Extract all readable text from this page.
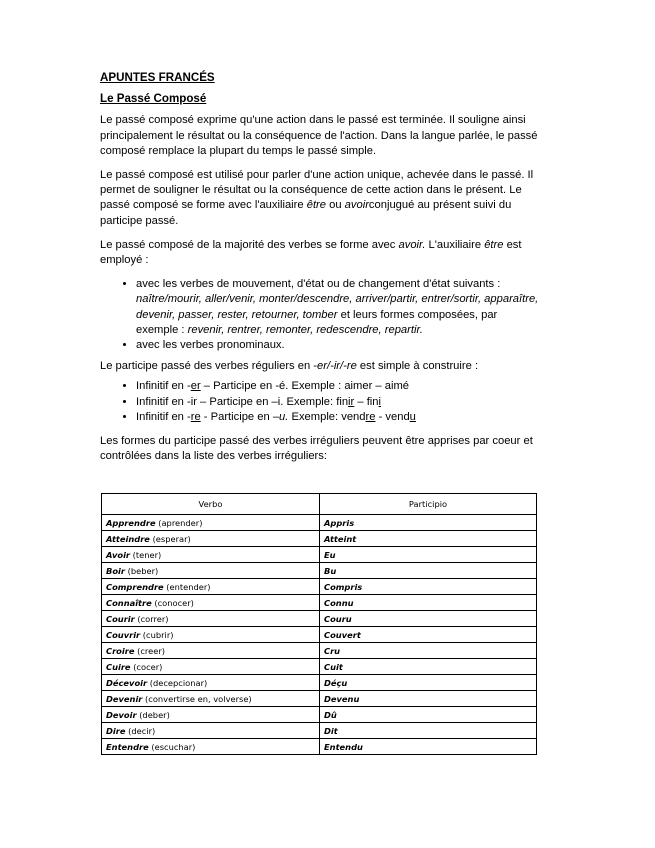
APUNTES FRANCÉS
Le Passé Composé

Le passé composé exprime qu'une action dans le passé est terminée. Il souligne ainsi principalement le résultat ou la conséquence de l'action. Dans la langue parlée, le passé composé remplace la plupart du temps le passé simple.

Le passé composé est utilisé pour parler d'une action unique, achevée dans le passé. Il permet de souligner le résultat ou la conséquence de cette action dans le présent. Le passé composé se forme avec l'auxiliaire être ou avoirconjugué au présent suivi du participe passé.

Le passé composé de la majorité des verbes se forme avec avoir. L'auxiliaire être est employé :

• avec les verbes de mouvement, d'état ou de changement d'état suivants : naître/mourir, aller/venir, monter/descendre, arriver/partir, entrer/sortir, apparaître, devenir, passer, rester, retourner, tomber et leurs formes composées, par exemple : revenir, rentrer, remonter, redescendre, repartir.
• avec les verbes pronominaux.

Le participe passé des verbes réguliers en -er/-ir/-re est simple à construire :

• Infinitif en -er – Participe en -é. Exemple : aimer – aimé
• Infinitif en -ir – Participe en –i. Exemple: finir – fini
• Infinitif en -re - Participe en –u. Exemple: vendre - vendu

Les formes du participe passé des verbes irréguliers peuvent être apprises par coeur et contrôlées dans la liste des verbes irréguliers:

Verbo	Participio
Apprendre (aprender)	Appris
Atteindre (esperar)	Atteint
Avoir (tener)	Eu
Boir (beber)	Bu
Comprendre (entender)	Compris
Connaître (conocer)	Connu
Courir (correr)	Couru
Couvrir (cubrir)	Couvert
Croire (creer)	Cru
Cuire (cocer)	Cuit
Décevoir (decepcionar)	Déçu
Devenir (convertirse en, volverse)	Devenu
Devoir (deber)	Dû
Dire (decir)	Dit
Entendre (escuchar)	Entendu
